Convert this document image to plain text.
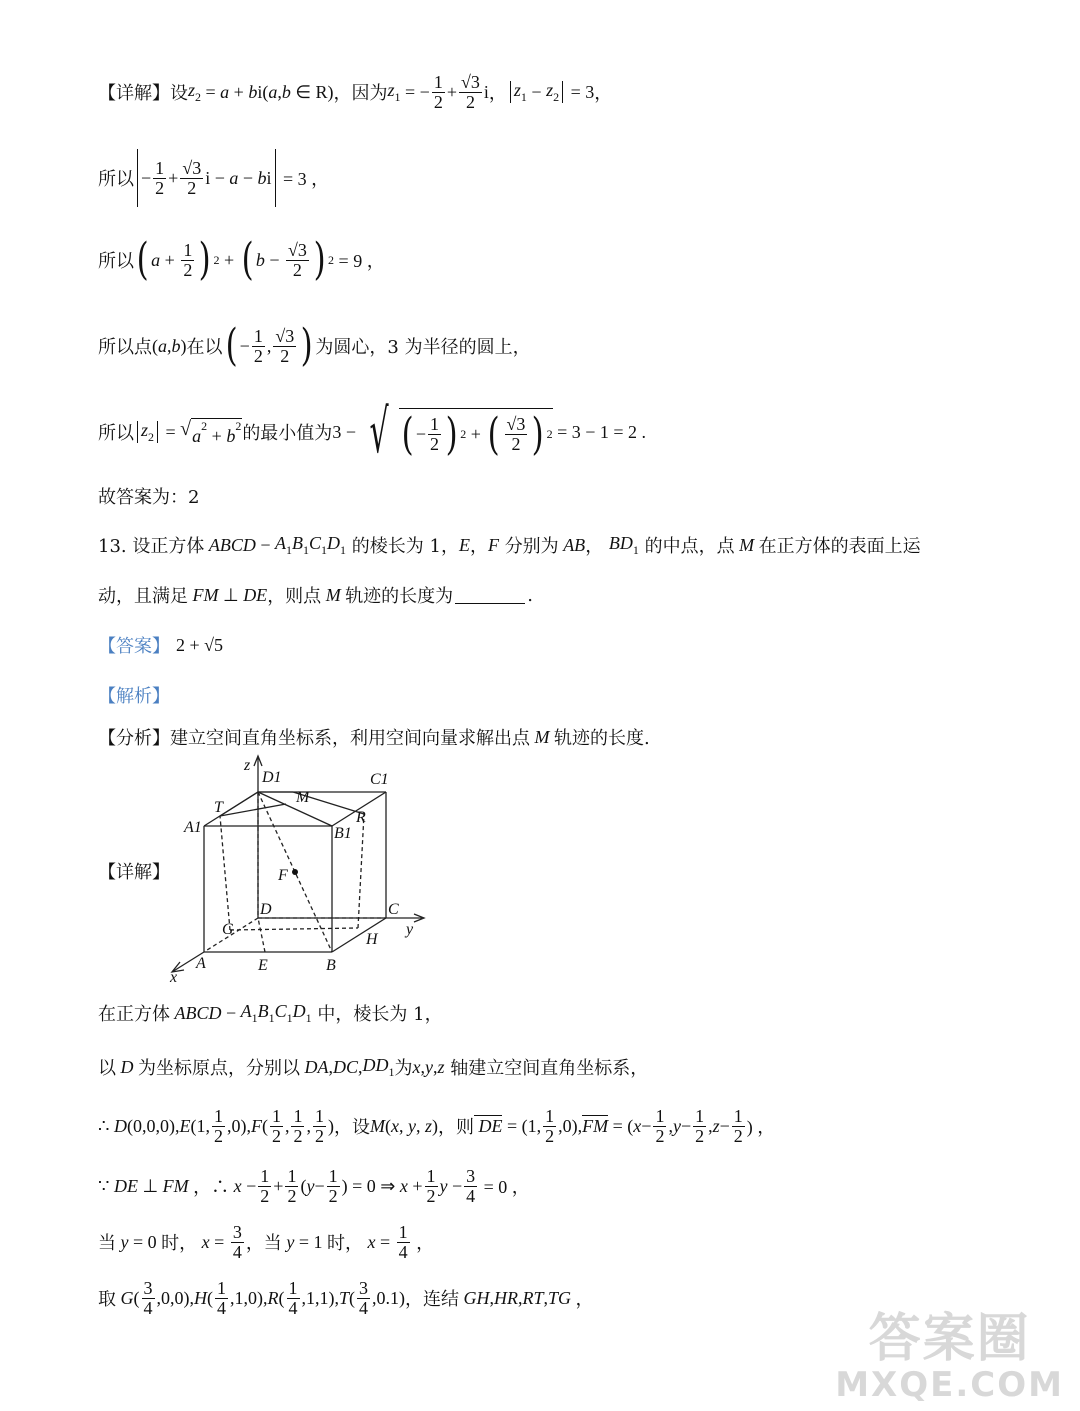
【详解】 设 $z_2 = a + b$ i( a , b ∈ R) ，因为 $z_1$ = − $\frac{1}{2} + \frac{√3}{2}$ i ， $z_1 - z_2 = 3$ ，
所以 − $\frac{1}{2} + \frac{√3}{2}$ i − a − b i = 3 ，
所以 ( $a + \frac{1}{2}$ ) 2 + ( $b - \frac{√3}{2}$ ) 2 = 9 ，
所以点 ( a , b ) 在以 ( − $\frac{1}{2}$ , $\frac{√3}{2}$ ) 为圆心，3 为半径的圆上，
所以 $z_2$ = √ $a^2 + b^2$ 的最小值为 3 − √ ( − $\frac{1}{2}$ ) 2 + ( $\frac{√3}{2}$ ) 2 = 3 − 1 = 2 .
故答案为：2
13. 设正方体 ABCD − $A_1B_1C_1D_1$
的棱长为 1， E ， F
分别为 AB ， $BD_1$
的中点，点 M 在正方体的表面上运
动，且满足 FM ⊥ DE ，则点 M 轨迹的长度为	.
【答案】 2 + √5
【解析】
【分析】 建立空间直角坐标系，利用空间向量求解出点 M 轨迹的长度.
【详解】
z
D1	C1
M
T
A1
R
B1
F
D	C
G	y
H
A	E	B
x
在正方体 ABCD − $A_1B_1C_1D_1$
中，棱长为 1，
以 D 为坐标原点，分别以 DA , DC , $DD_1$ 为 x , y , z
轴建立空间直角坐标系，
∴ D (0,0,0), E (1, $\frac{1}{2} ,0$), F ( $\frac{1}{2}$ , $\frac{1}{2}$ , $\frac{1}{2}$ ) ，设 M ( x , y , z ) ，则 DE = (1, $\frac{1}{2} ,0$), FM = ( $x - \frac{1}{2}$ , $y - \frac{1}{2}$ , $z - \frac{1}{2}$ ) ，
∵ DE ⊥ FM ，∴ $x - \frac{1}{2} + \frac{1}{2}$ ( $y - \frac{1}{2}$ ) = 0 ⇒ $x + \frac{1}{2}$ $y - \frac{3}{4} = 0$ ，
当 y = 0 时， $x = \frac{3}{4}$ ，当 y = 1 时， $x = \frac{1}{4}$ ，
取 G ( $\frac{3}{4} ,0,0$), H ( $\frac{1}{4} ,1,0$), R ( $\frac{1}{4} ,1,1$), T ( $\frac{3}{4} ,0.1$) ，连结 GH , HR , RT , TG ，
答案圈
MXQE.COM
